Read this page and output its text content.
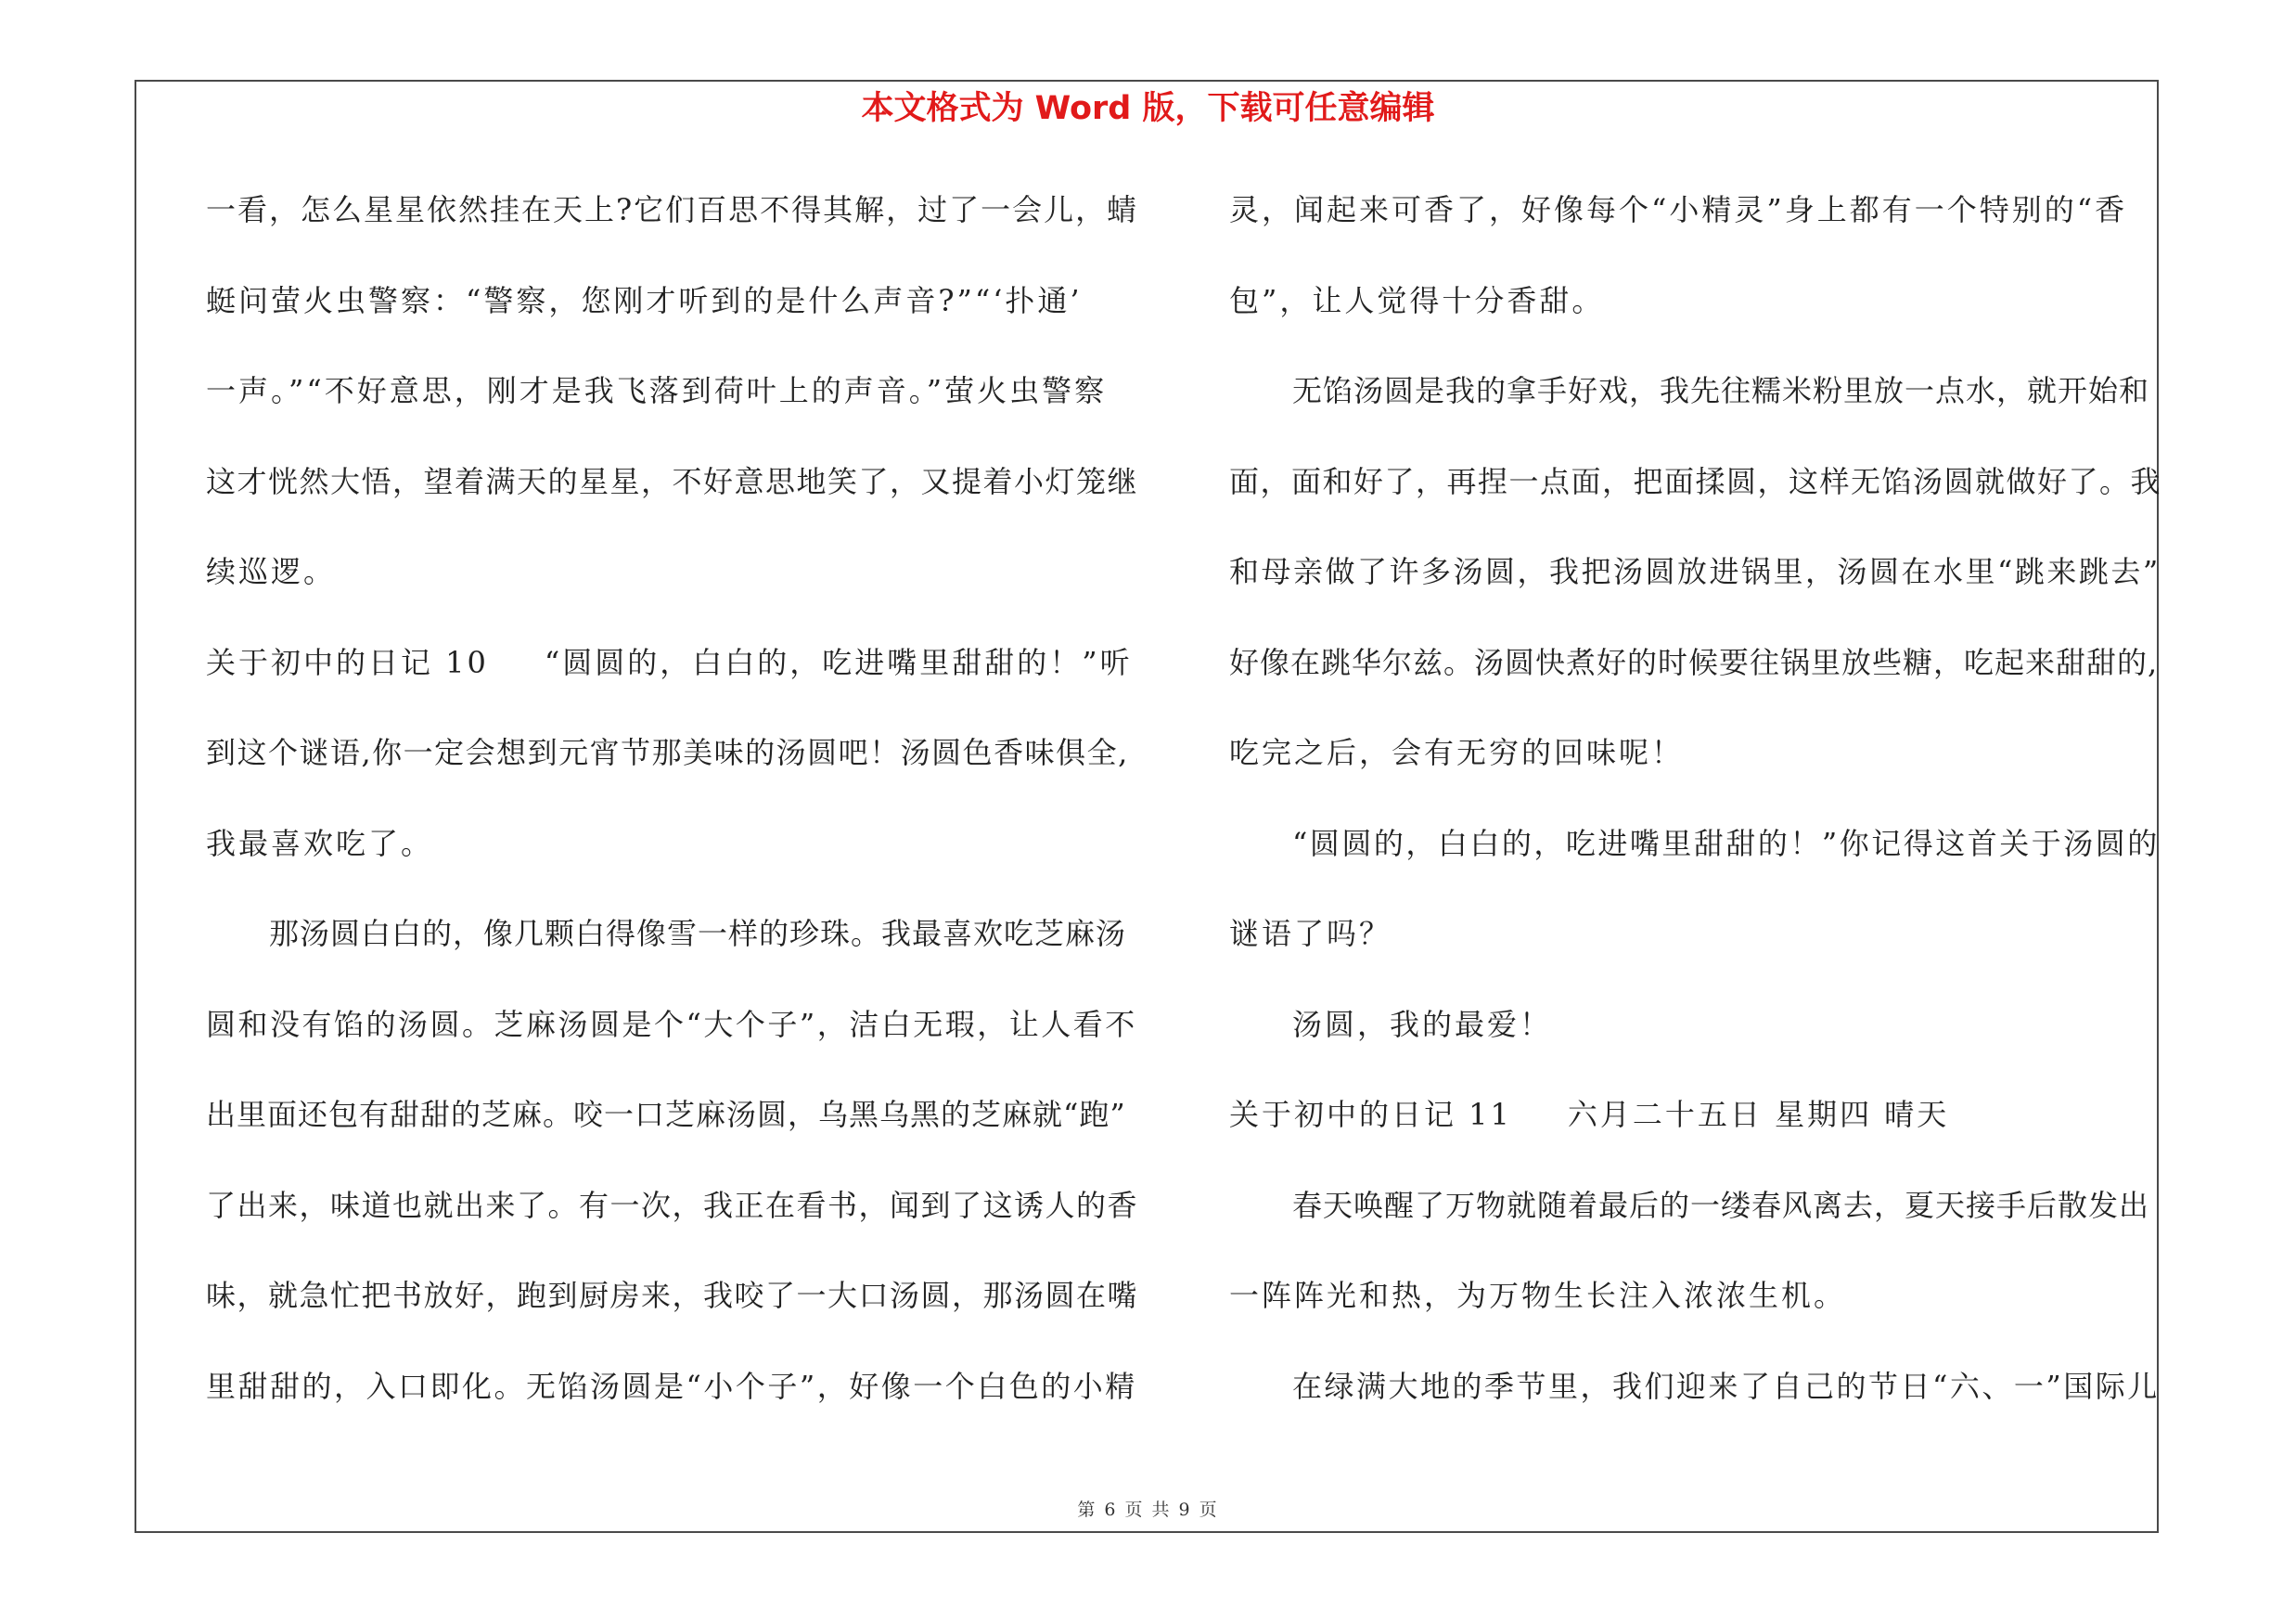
本文格式为 Word 版，下载可任意编辑
一看，怎么星星依然挂在天上?它们百思不得其解，过了一会儿，蜻
蜓问萤火虫警察：“警察，您刚才听到的是什么声音?”“‘扑通’
一声。”“不好意思，刚才是我飞落到荷叶上的声音。”萤火虫警察
这才恍然大悟，望着满天的星星，不好意思地笑了，又提着小灯笼继
续巡逻。
关于初中的日记 10 “圆圆的，白白的，吃进嘴里甜甜的！”听
到这个谜语,你一定会想到元宵节那美味的汤圆吧！汤圆色香味俱全,
我最喜欢吃了。
那汤圆白白的，像几颗白得像雪一样的珍珠。我最喜欢吃芝麻汤
圆和没有馅的汤圆。芝麻汤圆是个“大个子”，洁白无瑕，让人看不
出里面还包有甜甜的芝麻。咬一口芝麻汤圆，乌黑乌黑的芝麻就“跑”
了出来，味道也就出来了。有一次，我正在看书，闻到了这诱人的香
味，就急忙把书放好，跑到厨房来，我咬了一大口汤圆，那汤圆在嘴
里甜甜的，入口即化。无馅汤圆是“小个子”，好像一个白色的小精
灵，闻起来可香了，好像每个“小精灵”身上都有一个特别的“香
包”，让人觉得十分香甜。
无馅汤圆是我的拿手好戏，我先往糯米粉里放一点水，就开始和
面，面和好了，再捏一点面，把面揉圆，这样无馅汤圆就做好了。我
和母亲做了许多汤圆，我把汤圆放进锅里，汤圆在水里“跳来跳去”
好像在跳华尔兹。汤圆快煮好的时候要往锅里放些糖，吃起来甜甜的,
吃完之后，会有无穷的回味呢！
“圆圆的，白白的，吃进嘴里甜甜的！”你记得这首关于汤圆的
谜语了吗？
汤圆，我的最爱！
关于初中的日记 11 六月二十五日 星期四 晴天
春天唤醒了万物就随着最后的一缕春风离去，夏天接手后散发出
一阵阵光和热，为万物生长注入浓浓生机。
在绿满大地的季节里，我们迎来了自己的节日“六、一”国际儿
第 6 页 共 9 页
